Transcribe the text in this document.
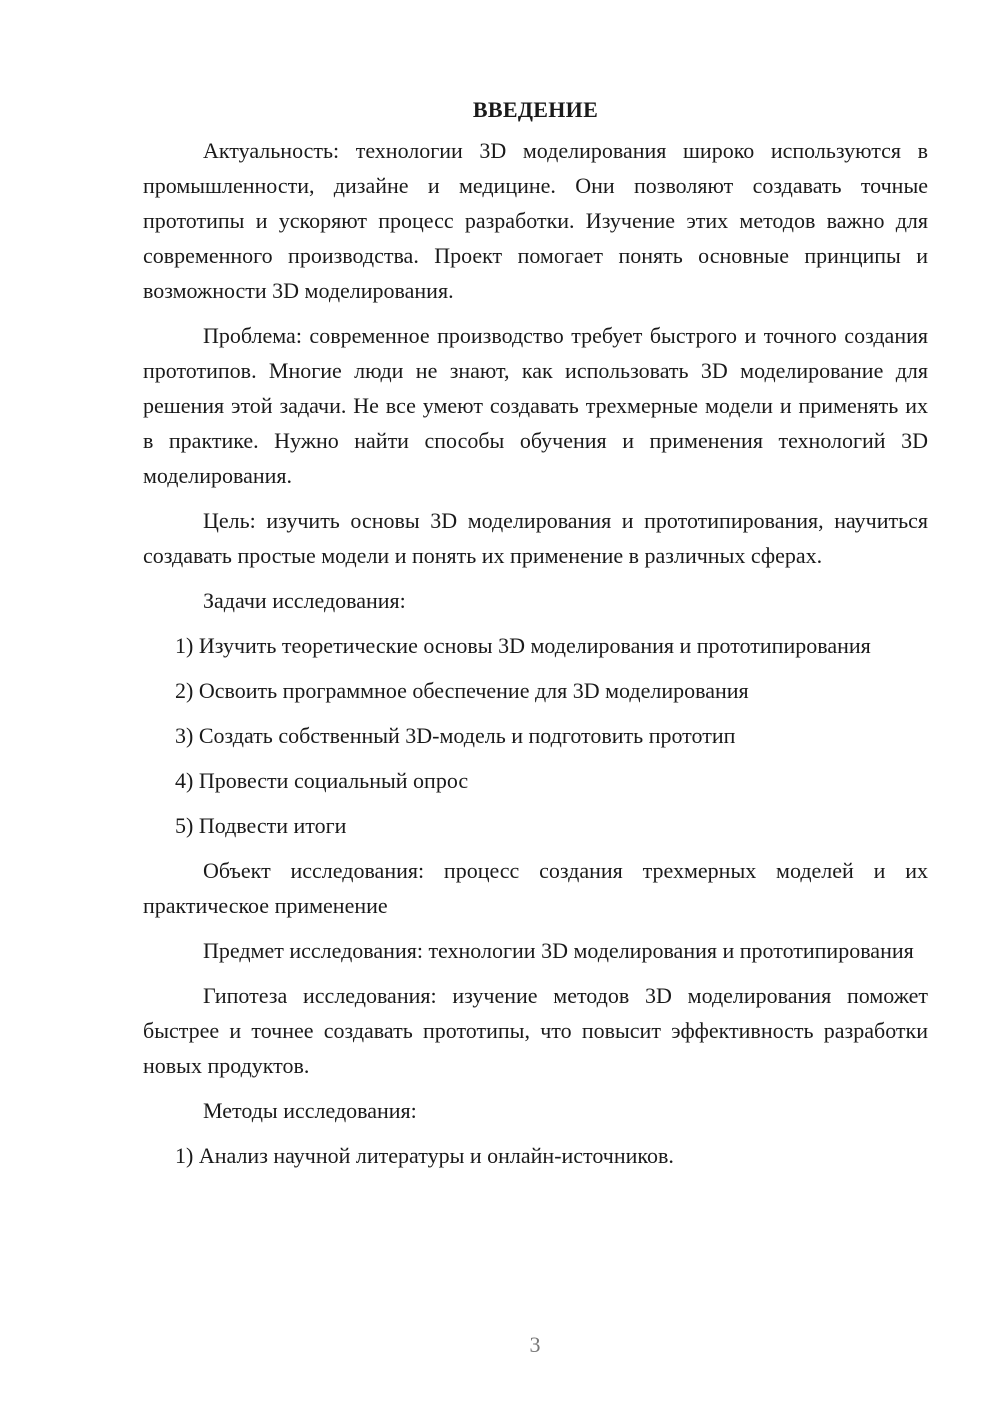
ВВЕДЕНИЕ

Актуальность: технологии 3D моделирования широко используются в промышленности, дизайне и медицине. Они позволяют создавать точные прототипы и ускоряют процесс разработки. Изучение этих методов важно для современного производства. Проект помогает понять основные принципы и возможности 3D моделирования.

Проблема: современное производство требует быстрого и точного создания прототипов. Многие люди не знают, как использовать 3D моделирование для решения этой задачи. Не все умеют создавать трехмерные модели и применять их в практике. Нужно найти способы обучения и применения технологий 3D моделирования.

Цель: изучить основы 3D моделирования и прототипирования, научиться создавать простые модели и понять их применение в различных сферах.

Задачи исследования:

1) Изучить теоретические основы 3D моделирования и прототипирования

2) Освоить программное обеспечение для 3D моделирования

3) Создать собственный 3D-модель и подготовить прототип

4) Провести социальный опрос

5) Подвести итоги

Объект исследования: процесс создания трехмерных моделей и их практическое применение

Предмет исследования: технологии 3D моделирования и прототипирования

Гипотеза исследования: изучение методов 3D моделирования поможет быстрее и точнее создавать прототипы, что повысит эффективность разработки новых продуктов.

Методы исследования:

1) Анализ научной литературы и онлайн-источников.

3
